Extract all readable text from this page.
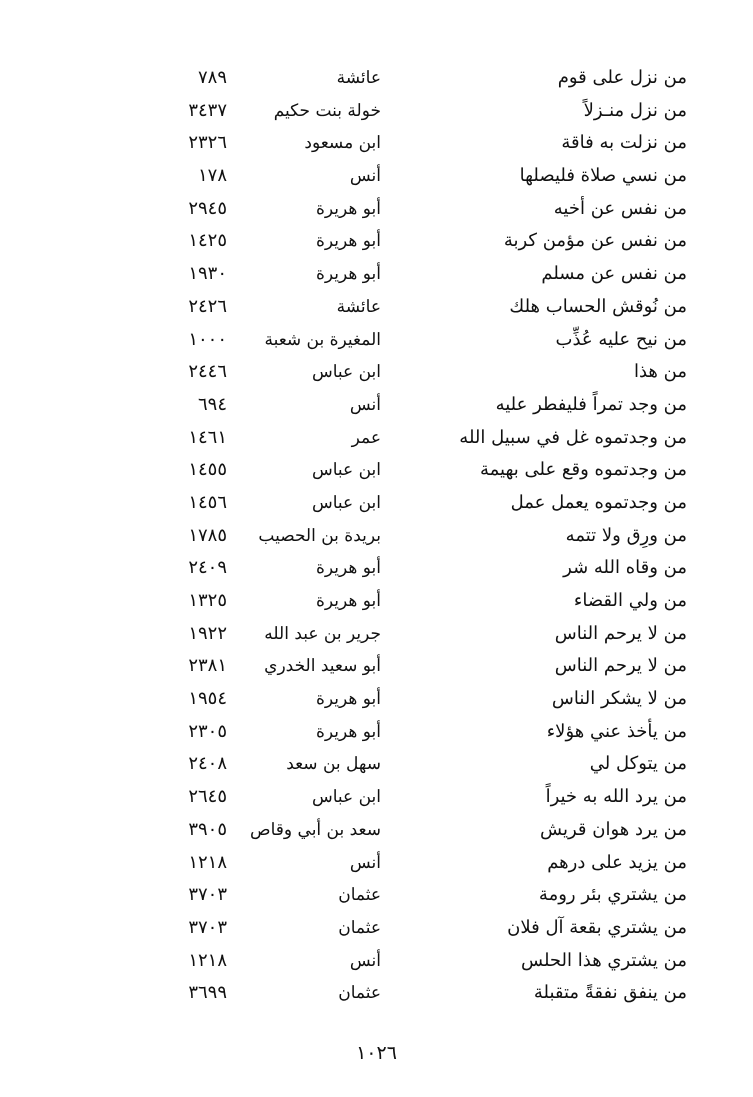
من نزل على قوم
عائشة
٧٨٩
من نزل منـزلاً
خولة بنت حكيم
٣٤٣٧
من نزلت به فاقة
ابن مسعود
٢٣٢٦
من نسي صلاة فليصلها
أنس
١٧٨
من نفس عن أخيه
أبو هريرة
٢٩٤٥
من نفس عن مؤمن كربة
أبو هريرة
١٤٢٥
من نفس عن مسلم
أبو هريرة
١٩٣٠
من نُوقش الحساب هلك
عائشة
٢٤٢٦
من نيح عليه عُذِّب
المغيرة بن شعبة
١٠٠٠
من هذا
ابن عباس
٢٤٤٦
من وجد تمراً فليفطر عليه
أنس
٦٩٤
من وجدتموه غل في سبيل الله
عمر
١٤٦١
من وجدتموه وقع على بهيمة
ابن عباس
١٤٥٥
من وجدتموه يعمل عمل
ابن عباس
١٤٥٦
من ورِق ولا تتمه
بريدة بن الحصيب
١٧٨٥
من وقاه الله شر
أبو هريرة
٢٤٠٩
من ولي القضاء
أبو هريرة
١٣٢٥
من لا يرحم الناس
جرير بن عبد الله
١٩٢٢
من لا يرحم الناس
أبو سعيد الخدري
٢٣٨١
من لا يشكر الناس
أبو هريرة
١٩٥٤
من يأخذ عني هؤلاء
أبو هريرة
٢٣٠٥
من يتوكل لي
سهل بن سعد
٢٤٠٨
من يرد الله به خيراً
ابن عباس
٢٦٤٥
من يرد هوان قريش
سعد بن أبي وقاص
٣٩٠٥
من يزيد على درهم
أنس
١٢١٨
من يشتري بئر رومة
عثمان
٣٧٠٣
من يشتري بقعة آل فلان
عثمان
٣٧٠٣
من يشتري هذا الحلس
أنس
١٢١٨
من ينفق نفقةً متقبلة
عثمان
٣٦٩٩
١٠٢٦
